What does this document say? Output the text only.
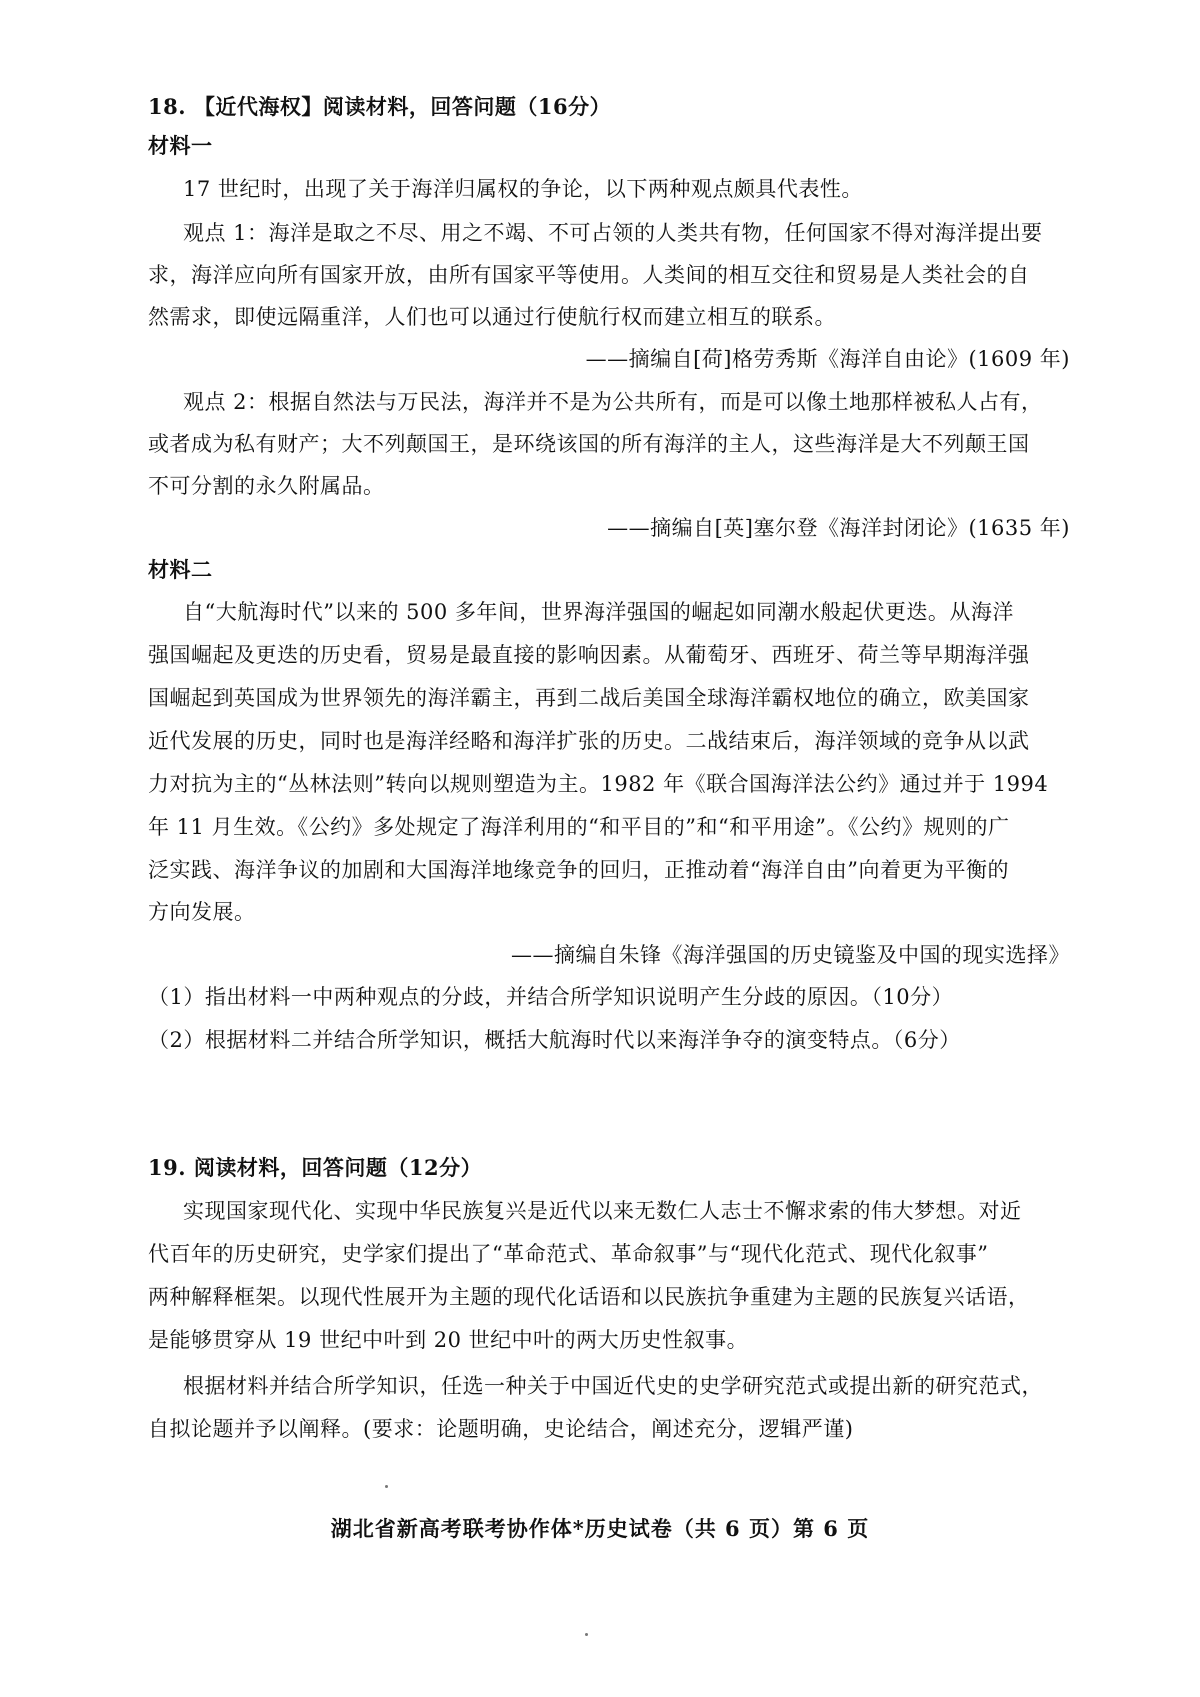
18. 【近代海权】阅读材料，回答问题（16分）
材料一
17 世纪时，出现了关于海洋归属权的争论，以下两种观点颇具代表性。
观点 1：海洋是取之不尽、用之不竭、不可占领的人类共有物，任何国家不得对海洋提出要
求，海洋应向所有国家开放，由所有国家平等使用。人类间的相互交往和贸易是人类社会的自
然需求，即使远隔重洋，人们也可以通过行使航行权而建立相互的联系。
——摘编自[荷]格劳秀斯《海洋自由论》(1609 年)
观点 2：根据自然法与万民法，海洋并不是为公共所有，而是可以像土地那样被私人占有，
或者成为私有财产；大不列颠国王，是环绕该国的所有海洋的主人，这些海洋是大不列颠王国
不可分割的永久附属品。
——摘编自[英]塞尔登《海洋封闭论》(1635 年)
材料二
自“大航海时代”以来的 500 多年间，世界海洋强国的崛起如同潮水般起伏更迭。从海洋
强国崛起及更迭的历史看，贸易是最直接的影响因素。从葡萄牙、西班牙、荷兰等早期海洋强
国崛起到英国成为世界领先的海洋霸主，再到二战后美国全球海洋霸权地位的确立，欧美国家
近代发展的历史，同时也是海洋经略和海洋扩张的历史。二战结束后，海洋领域的竞争从以武
力对抗为主的“丛林法则”转向以规则塑造为主。1982 年《联合国海洋法公约》通过并于 1994
年 11 月生效。《公约》多处规定了海洋利用的“和平目的”和“和平用途”。《公约》规则的广
泛实践、海洋争议的加剧和大国海洋地缘竞争的回归，正推动着“海洋自由”向着更为平衡的
方向发展。
——摘编自朱锋《海洋强国的历史镜鉴及中国的现实选择》
（1）指出材料一中两种观点的分歧，并结合所学知识说明产生分歧的原因。（10分）
（2）根据材料二并结合所学知识，概括大航海时代以来海洋争夺的演变特点。（6分）
19. 阅读材料，回答问题（12分）
实现国家现代化、实现中华民族复兴是近代以来无数仁人志士不懈求索的伟大梦想。对近
代百年的历史研究，史学家们提出了“革命范式、革命叙事”与“现代化范式、现代化叙事”
两种解释框架。以现代性展开为主题的现代化话语和以民族抗争重建为主题的民族复兴话语，
是能够贯穿从 19 世纪中叶到 20 世纪中叶的两大历史性叙事。
根据材料并结合所学知识，任选一种关于中国近代史的史学研究范式或提出新的研究范式，
自拟论题并予以阐释。(要求：论题明确，史论结合，阐述充分，逻辑严谨)
湖北省新高考联考协作体*历史试卷（共 6 页）第 6 页
